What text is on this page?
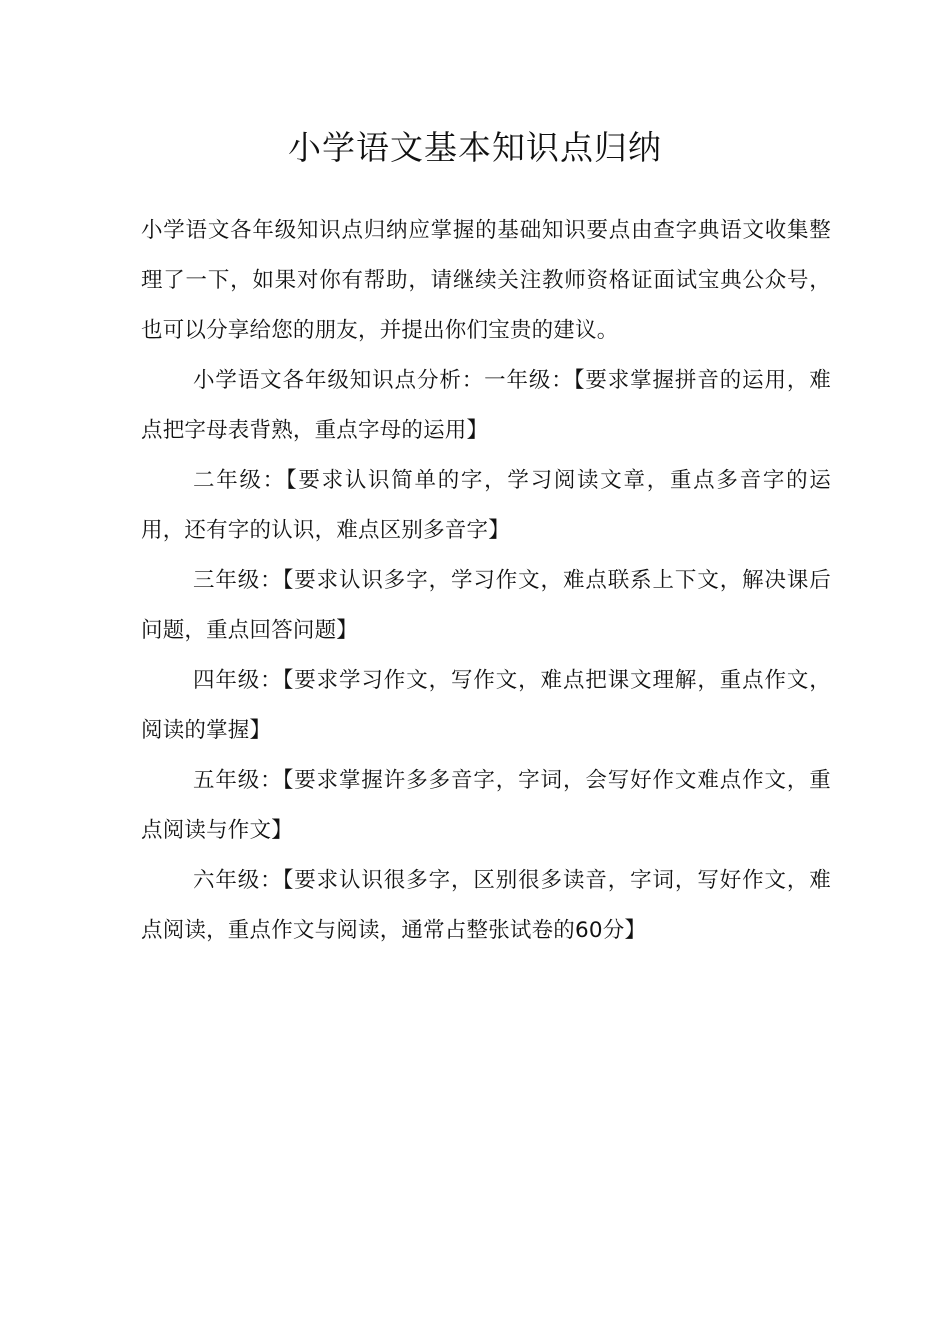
小学语文基本知识点归纳

小学语文各年级知识点归纳应掌握的基础知识要点由查字典语文收集整理了一下，如果对你有帮助，请继续关注教师资格证面试宝典公众号，也可以分享给您的朋友，并提出你们宝贵的建议。

小学语文各年级知识点分析：一年级：【要求掌握拼音的运用，难点把字母表背熟，重点字母的运用】

二年级：【要求认识简单的字，学习阅读文章，重点多音字的运用，还有字的认识，难点区别多音字】

三年级：【要求认识多字，学习作文，难点联系上下文，解决课后问题，重点回答问题】

四年级：【要求学习作文，写作文，难点把课文理解，重点作文，阅读的掌握】

五年级：【要求掌握许多多音字，字词，会写好作文难点作文，重点阅读与作文】

六年级：【要求认识很多字，区别很多读音，字词，写好作文，难点阅读，重点作文与阅读，通常占整张试卷的60分】
